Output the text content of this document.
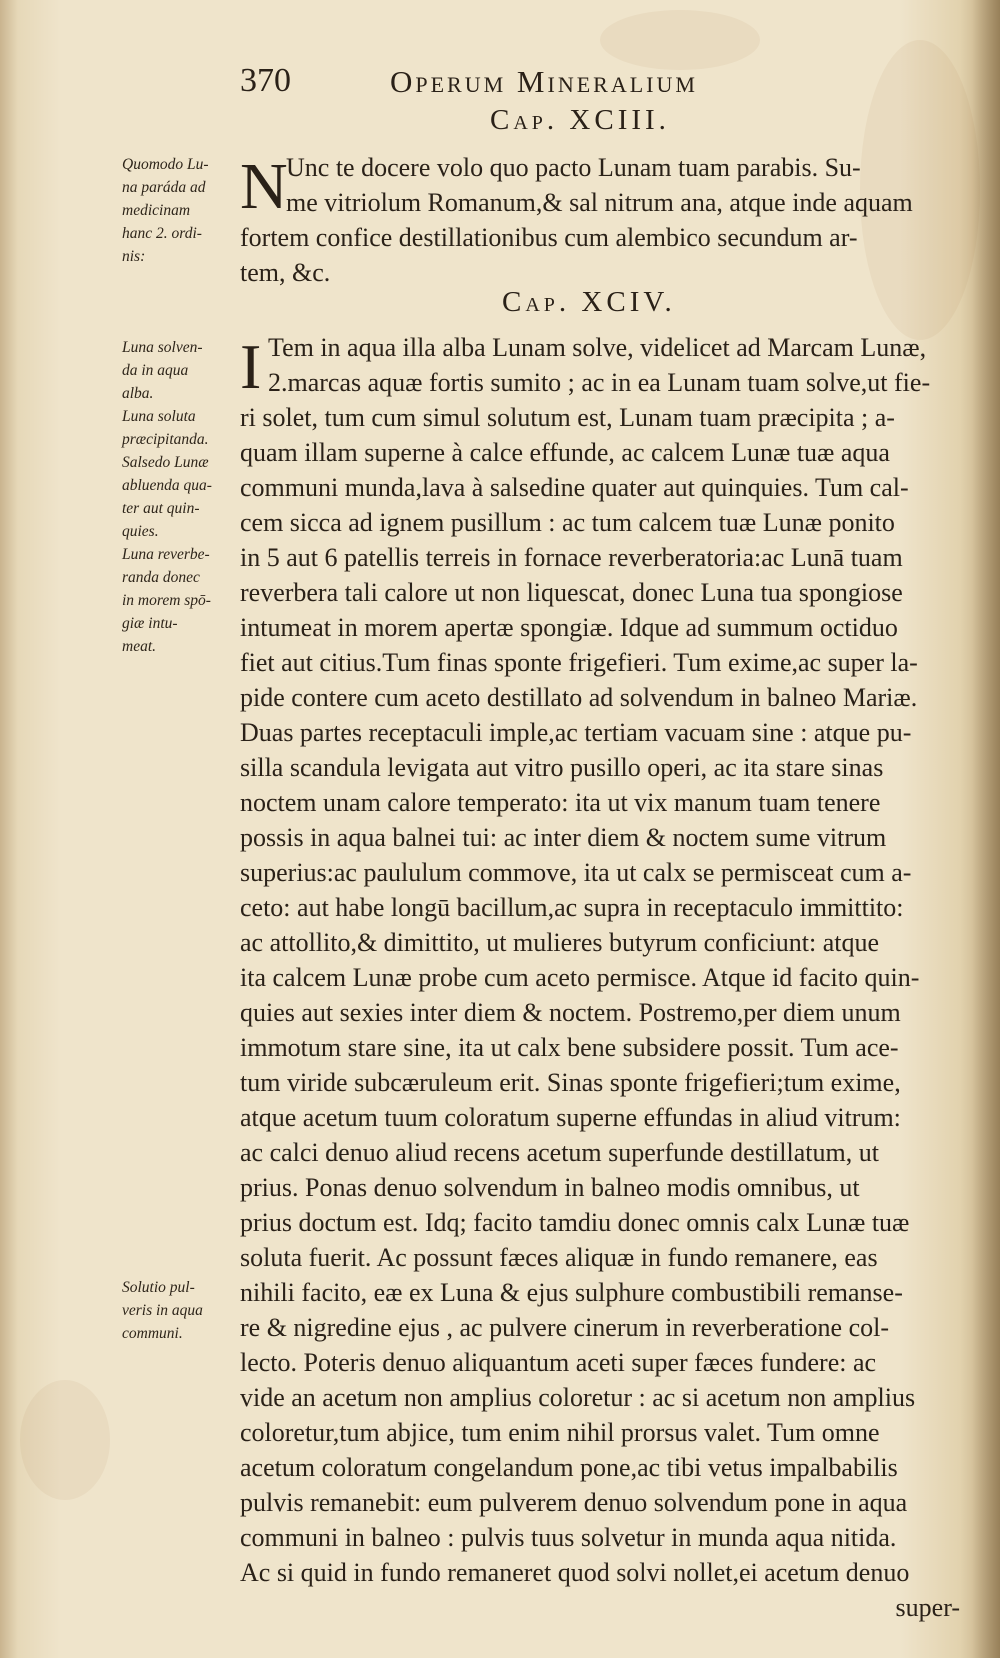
370	Operum Mineralium
Cap. XCIII.
Quomodo Lu-
na paráda ad
medicinam
hanc 2. ordi-
nis:
N
Unc te docere volo quo pacto Lunam tuam parabis. Su-
me vitriolum Romanum,& sal nitrum ana, atque inde aquam
fortem confice destillationibus cum alembico secundum ar-
tem, &c.
Cap. XCIV.
Luna solven-
da in aqua
alba.
Luna soluta
præcipitanda.
Salsedo Lunæ
abluenda qua-
ter aut quin-
quies.
Luna reverbe-
randa donec
in morem spō-
giæ intu-
meat.
Solutio pul-
veris in aqua
communi.
I Tem in aqua illa alba Lunam solve, videlicet ad Marcam Lunæ,
2.marcas aquæ fortis sumito ; ac in ea Lunam tuam solve,ut fie-
ri solet, tum cum simul solutum est, Lunam tuam præcipita ; a-
quam illam superne à calce effunde, ac calcem Lunæ tuæ aqua
communi munda,lava à salsedine quater aut quinquies. Tum cal-
cem sicca ad ignem pusillum : ac tum calcem tuæ Lunæ ponito
in 5 aut 6 patellis terreis in fornace reverberatoria:ac Lunā tuam
reverbera tali calore ut non liquescat, donec Luna tua spongiose
intumeat in morem apertæ spongiæ. Idque ad summum octiduo
fiet aut citius.Tum finas sponte frigefieri. Tum exime,ac super la-
pide contere cum aceto destillato ad solvendum in balneo Mariæ.
Duas partes receptaculi imple,ac tertiam vacuam sine : atque pu-
silla scandula levigata aut vitro pusillo operi, ac ita stare sinas
noctem unam calore temperato: ita ut vix manum tuam tenere
possis in aqua balnei tui: ac inter diem & noctem sume vitrum
superius:ac paululum commove, ita ut calx se permisceat cum a-
ceto: aut habe longū bacillum,ac supra in receptaculo immittito:
ac attollito,& dimittito, ut mulieres butyrum conficiunt: atque
ita calcem Lunæ probe cum aceto permisce. Atque id facito quin-
quies aut sexies inter diem & noctem. Postremo,per diem unum
immotum stare sine, ita ut calx bene subsidere possit. Tum ace-
tum viride subcæruleum erit. Sinas sponte frigefieri;tum exime,
atque acetum tuum coloratum superne effundas in aliud vitrum:
ac calci denuo aliud recens acetum superfunde destillatum, ut
prius. Ponas denuo solvendum in balneo modis omnibus, ut
prius doctum est. Idq; facito tamdiu donec omnis calx Lunæ tuæ
soluta fuerit. Ac possunt fæces aliquæ in fundo remanere, eas
nihili facito, eæ ex Luna & ejus sulphure combustibili remanse-
re & nigredine ejus , ac pulvere cinerum in reverberatione col-
lecto. Poteris denuo aliquantum aceti super fæces fundere: ac
vide an acetum non amplius coloretur : ac si acetum non amplius
coloretur,tum abjice, tum enim nihil prorsus valet. Tum omne
acetum coloratum congelandum pone,ac tibi vetus impalbabilis
pulvis remanebit: eum pulverem denuo solvendum pone in aqua
communi in balneo : pulvis tuus solvetur in munda aqua nitida.
Ac si quid in fundo remaneret quod solvi nollet,ei acetum denuo
super-
